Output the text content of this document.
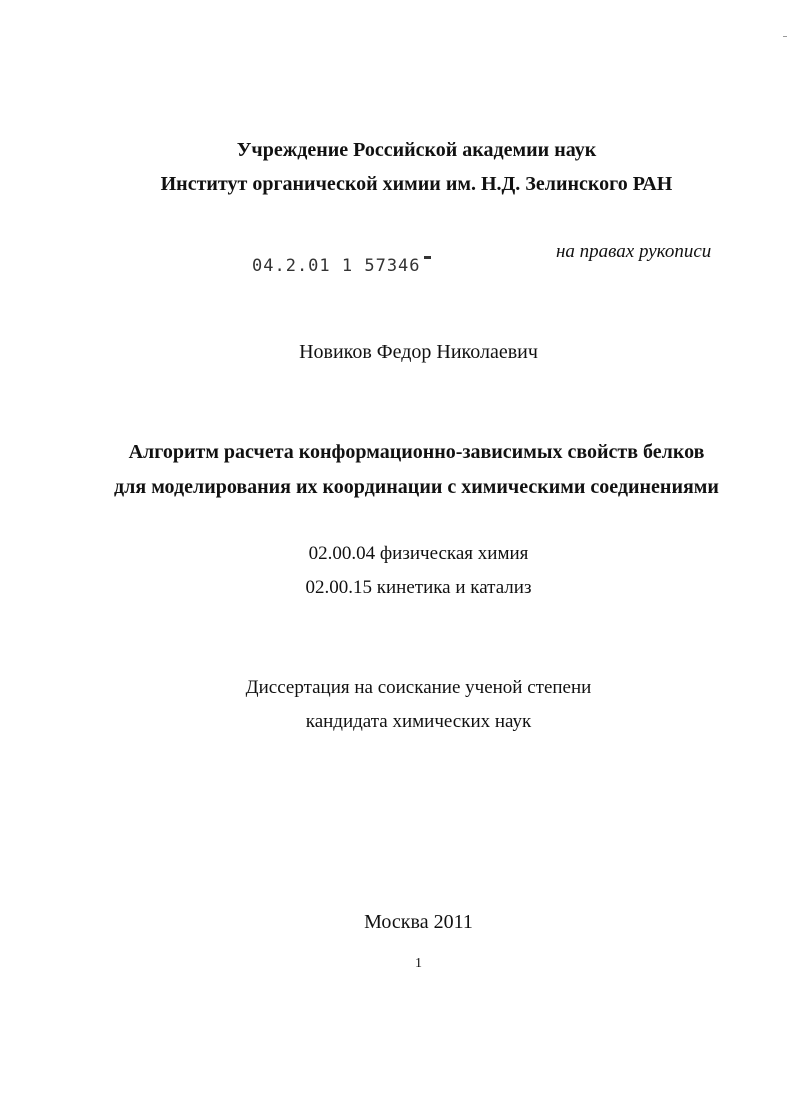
Учреждение Российской академии наук
Институт органической химии им. Н.Д. Зелинского РАН
04.2.01 1 57346
на правах рукописи
Новиков Федор Николаевич
Алгоритм расчета конформационно-зависимых свойств белков
для моделирования их координации с химическими соединениями
02.00.04 физическая химия
02.00.15 кинетика и катализ
Диссертация на соискание ученой степени
кандидата химических наук
Москва 2011
1
